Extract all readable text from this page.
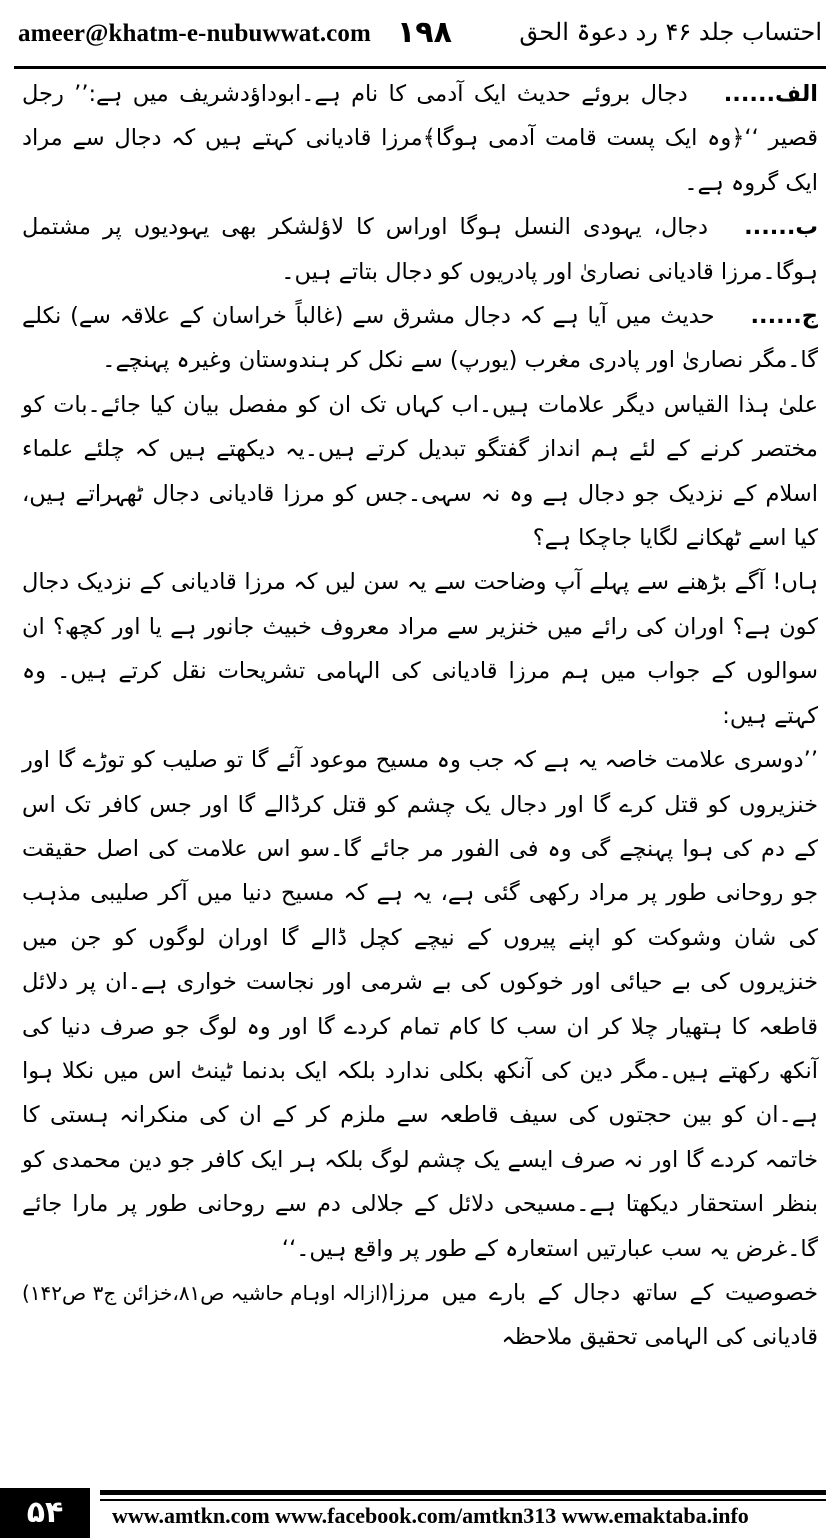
ameer@khatm-e-nubuwwat.com ۱۹۸	احتساب جلد ۴۶ رد دعوۃ الحق

الف......دجال بروئے حدیث ایک آدمی کا نام ہے۔ابوداؤدشریف میں ہے:’’ رجل قصیر ‘‘﴿وہ ایک پست قامت آدمی ہوگا﴾مرزا قادیانی کہتے ہیں کہ دجال سے مراد ایک گروہ ہے۔

ب......دجال، یہودی النسل ہوگا اوراس کا لاؤلشکر بھی یہودیوں پر مشتمل ہوگا۔مرزا قادیانی نصاریٰ اور پادریوں کو دجال بتاتے ہیں۔

ج......حدیث میں آیا ہے کہ دجال مشرق سے (غالباً خراسان کے علاقہ سے) نکلے گا۔مگر نصاریٰ اور پادری مغرب (یورپ) سے نکل کر ہندوستان وغیرہ پہنچے۔

علیٰ ہذا القیاس دیگر علامات ہیں۔اب کہاں تک ان کو مفصل بیان کیا جائے۔بات کو مختصر کرنے کے لئے ہم انداز گفتگو تبدیل کرتے ہیں۔یہ دیکھتے ہیں کہ چلئے علماء اسلام کے نزدیک جو دجال ہے وہ نہ سہی۔جس کو مرزا قادیانی دجال ٹھہراتے ہیں، کیا اسے ٹھکانے لگایا جاچکا ہے؟

ہاں! آگے بڑھنے سے پہلے آپ وضاحت سے یہ سن لیں کہ مرزا قادیانی کے نزدیک دجال کون ہے؟ اوران کی رائے میں خنزیر سے مراد معروف خبیث جانور ہے یا اور کچھ؟ ان سوالوں کے جواب میں ہم مرزا قادیانی کی الہامی تشریحات نقل کرتے ہیں۔ وہ کہتے ہیں:

’’دوسری علامت خاصہ یہ ہے کہ جب وہ مسیح موعود آئے گا تو صلیب کو توڑے گا اور خنزیروں کو قتل کرے گا اور دجال یک چشم کو قتل کرڈالے گا اور جس کافر تک اس کے دم کی ہوا پہنچے گی وہ فی الفور مر جائے گا۔سو اس علامت کی اصل حقیقت جو روحانی طور پر مراد رکھی گئی ہے، یہ ہے کہ مسیح دنیا میں آکر صلیبی مذہب کی شان وشوکت کو اپنے پیروں کے نیچے کچل ڈالے گا اوران لوگوں کو جن میں خنزیروں کی بے حیائی اور خوکوں کی بے شرمی اور نجاست خواری ہے۔ان پر دلائل قاطعہ کا ہتھیار چلا کر ان سب کا کام تمام کردے گا اور وہ لوگ جو صرف دنیا کی آنکھ رکھتے ہیں۔مگر دین کی آنکھ بکلی ندارد بلکہ ایک بدنما ٹینٹ اس میں نکلا ہوا ہے۔ان کو بین حجتوں کی سیف قاطعہ سے ملزم کر کے ان کی منکرانہ ہستی کا خاتمہ کردے گا اور نہ صرف ایسے یک چشم لوگ بلکہ ہر ایک کافر جو دین محمدی کو بنظر استحقار دیکھتا ہے۔مسیحی دلائل کے جلالی دم سے روحانی طور پر مارا جائے گا۔غرض یہ سب عبارتیں استعارہ کے طور پر واقع ہیں۔‘‘
(ازالہ اوہام حاشیہ ص۸۱،خزائن ج۳ ص۱۴۲) خصوصیت کے ساتھ دجال کے بارے میں مرزا قادیانی کی الہامی تحقیق ملاحظہ

۵۴	www.amtkn.com www.facebook.com/amtkn313 www.emaktaba.info
